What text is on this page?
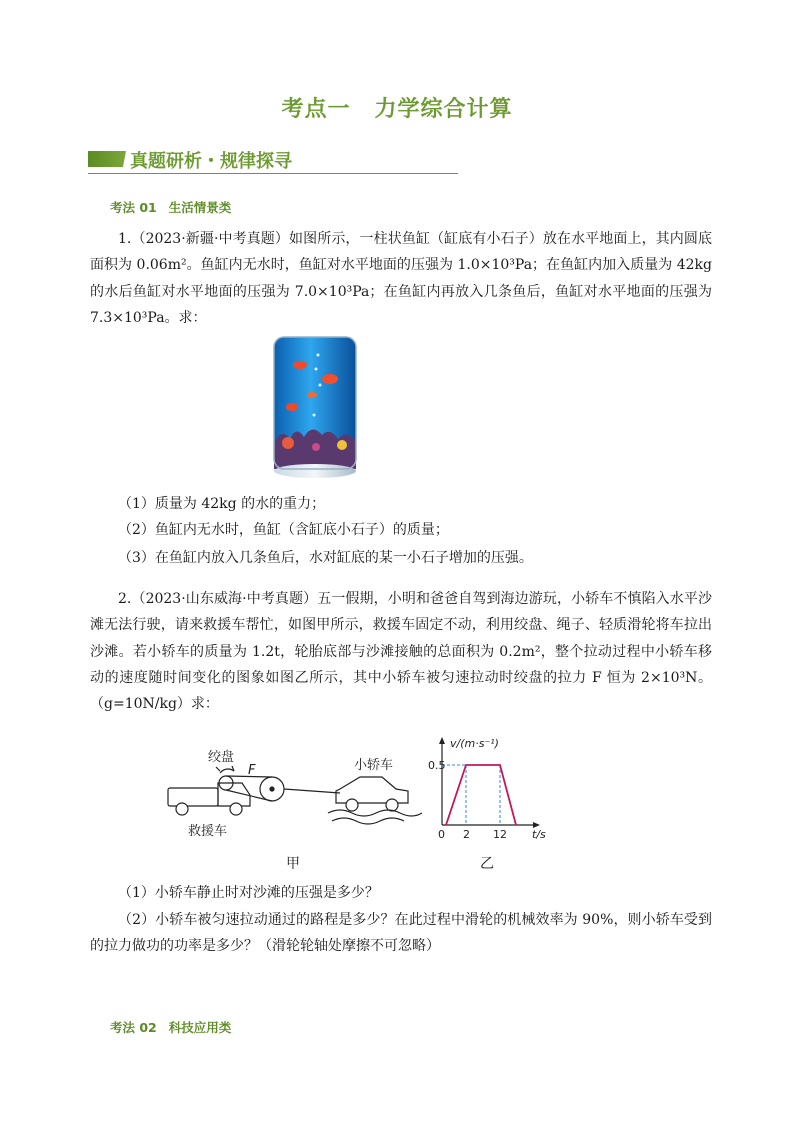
考点一 力学综合计算
真题研析・规律探寻
考法 01 生活情景类
1.（2023·新疆·中考真题）如图所示，一柱状鱼缸（缸底有小石子）放在水平地面上，其内圆底面积为 0.06m²。鱼缸内无水时，鱼缸对水平地面的压强为 1.0×10³Pa；在鱼缸内加入质量为 42kg 的水后鱼缸对水平地面的压强为 7.0×10³Pa；在鱼缸内再放入几条鱼后，鱼缸对水平地面的压强为 7.3×10³Pa。求：
（1）质量为 42kg 的水的重力；
（2）鱼缸内无水时，鱼缸（含缸底小石子）的质量；
（3）在鱼缸内放入几条鱼后，水对缸底的某一小石子增加的压强。
2.（2023·山东威海·中考真题）五一假期，小明和爸爸自驾到海边游玩，小轿车不慎陷入水平沙滩无法行驶，请来救援车帮忙，如图甲所示，救援车固定不动，利用绞盘、绳子、轻质滑轮将车拉出沙滩。若小轿车的质量为 1.2t，轮胎底部与沙滩接触的总面积为 0.2m²，整个拉动过程中小轿车移动的速度随时间变化的图象如图乙所示，其中小轿车被匀速拉动时绞盘的拉力 F 恒为 2×10³N。（g=10N/kg）求：
绞盘
F
救援车
小轿车
v/(m·s⁻¹)
0.5
0 2 12 t/s
甲	乙
（1）小轿车静止时对沙滩的压强是多少？
（2）小轿车被匀速拉动通过的路程是多少？在此过程中滑轮的机械效率为 90%，则小轿车受到的拉力做功的功率是多少？（滑轮轮轴处摩擦不可忽略）
考法 02 科技应用类
